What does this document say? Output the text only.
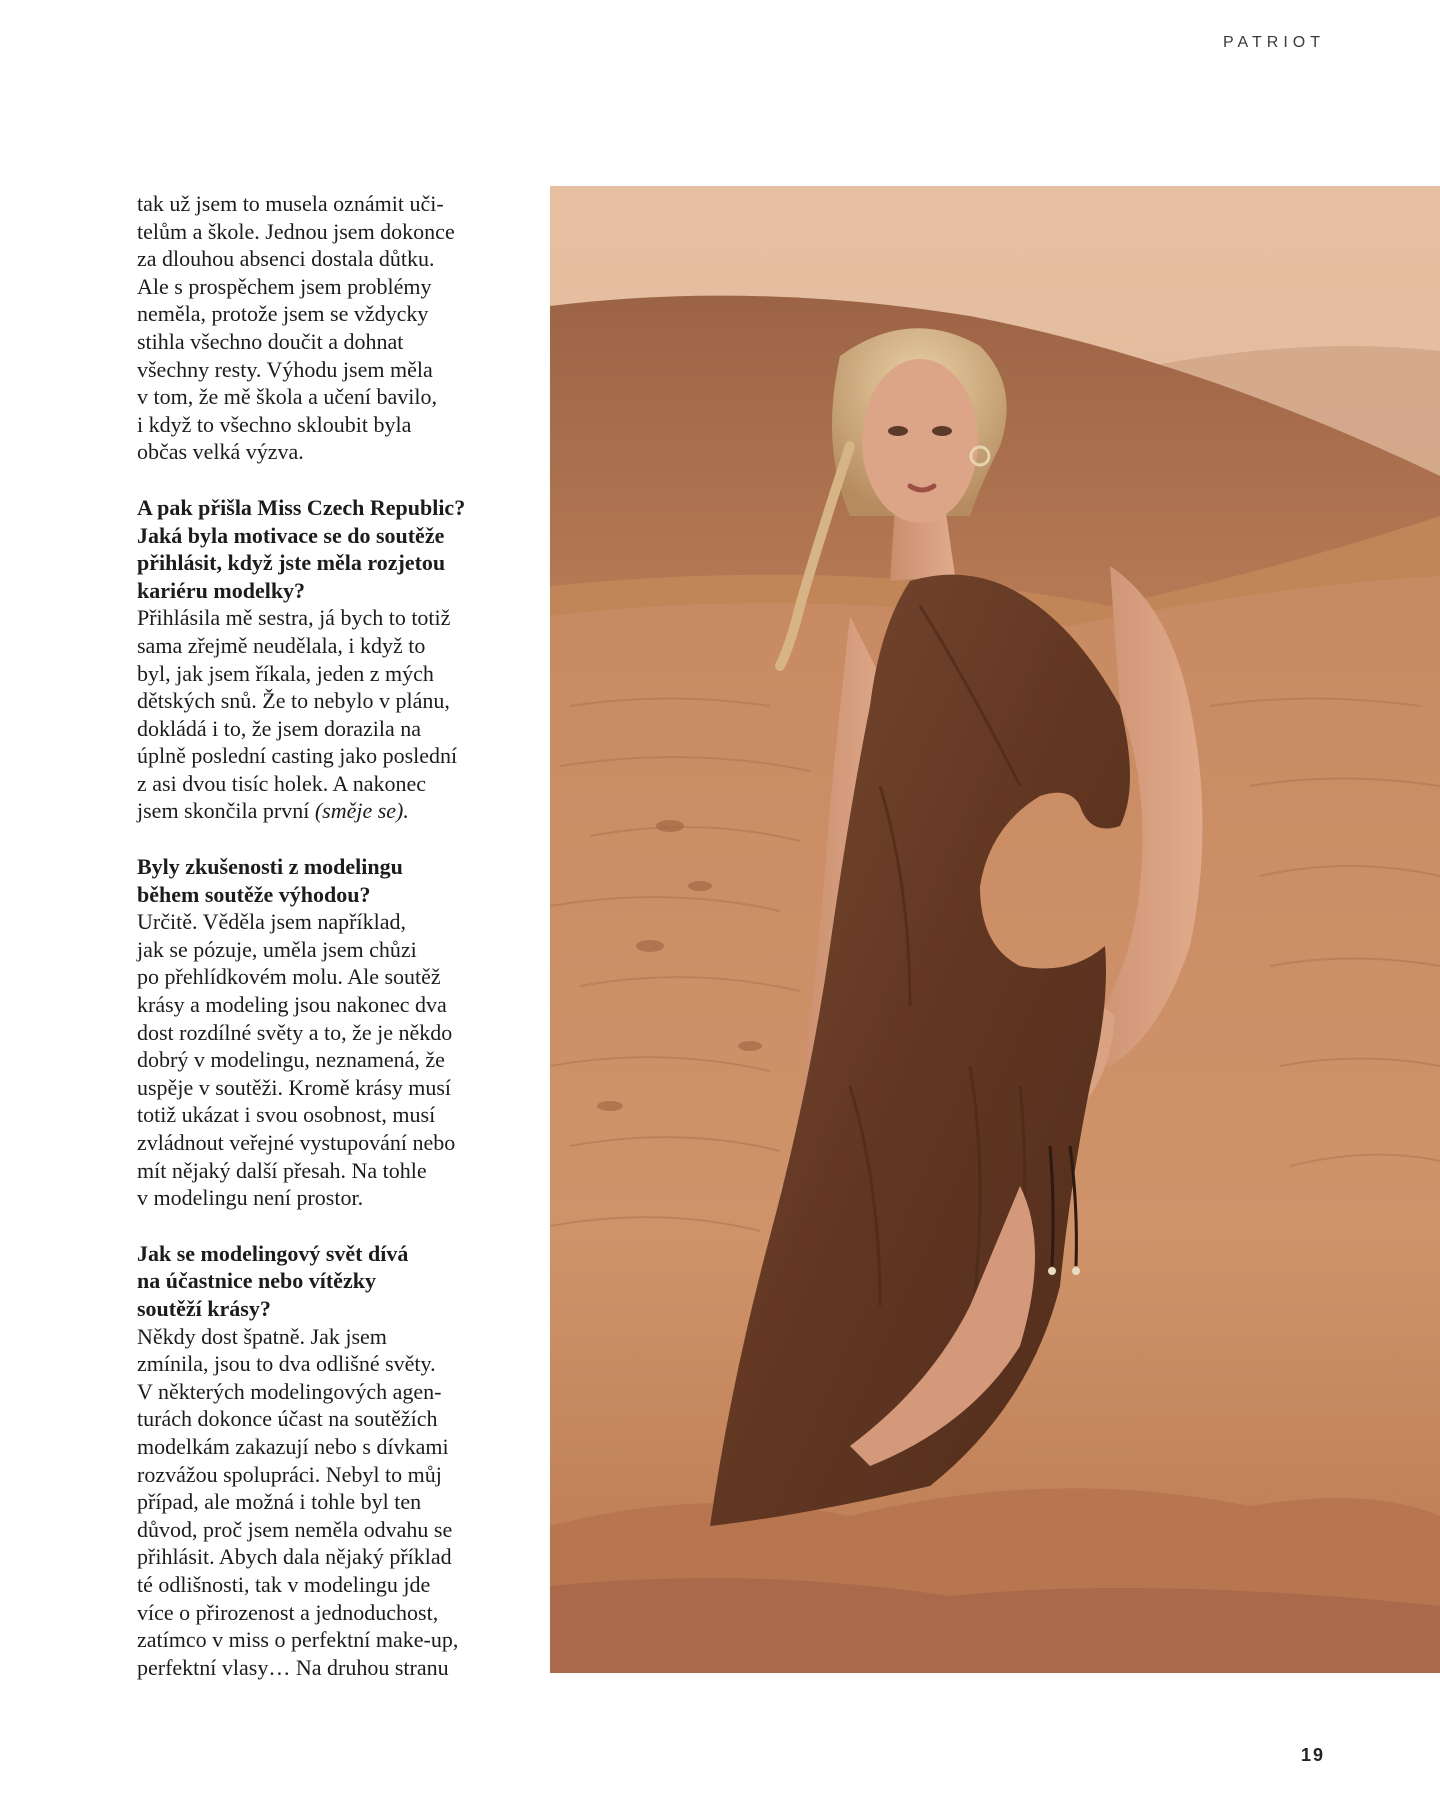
PATRIOT

tak už jsem to musela oznámit uči-
telům a škole. Jednou jsem dokonce
za dlouhou absenci dostala důtku.
Ale s prospěchem jsem problémy
neměla, protože jsem se vždycky
stihla všechno doučit a dohnat
všechny resty. Výhodu jsem měla
v tom, že mě škola a učení bavilo,
i když to všechno skloubit byla
občas velká výzva.

A pak přišla Miss Czech Republic?
Jaká byla motivace se do soutěže
přihlásit, když jste měla rozjetou
kariéru modelky?
Přihlásila mě sestra, já bych to totiž
sama zřejmě neudělala, i když to
byl, jak jsem říkala, jeden z mých
dětských snů. Že to nebylo v plánu,
dokládá i to, že jsem dorazila na
úplně poslední casting jako poslední
z asi dvou tisíc holek. A nakonec
jsem skončila první (směje se).

Byly zkušenosti z modelingu
během soutěže výhodou?
Určitě. Věděla jsem například,
jak se pózuje, uměla jsem chůzi
po přehlídkovém molu. Ale soutěž
krásy a modeling jsou nakonec dva
dost rozdílné světy a to, že je někdo
dobrý v modelingu, neznamená, že
uspěje v soutěži. Kromě krásy musí
totiž ukázat i svou osobnost, musí
zvládnout veřejné vystupování nebo
mít nějaký další přesah. Na tohle
v modelingu není prostor.

Jak se modelingový svět dívá
na účastnice nebo vítězky
soutěží krásy?
Někdy dost špatně. Jak jsem
zmínila, jsou to dva odlišné světy.
V některých modelingových agen-
turách dokonce účast na soutěžích
modelkám zakazují nebo s dívkami
rozvážou spolupráci. Nebyl to můj
případ, ale možná i tohle byl ten
důvod, proč jsem neměla odvahu se
přihlásit. Abych dala nějaký příklad
té odlišnosti, tak v modelingu jde
více o přirozenost a jednoduchost,
zatímco v miss o perfektní make-up,
perfektní vlasy… Na druhou stranu

19
